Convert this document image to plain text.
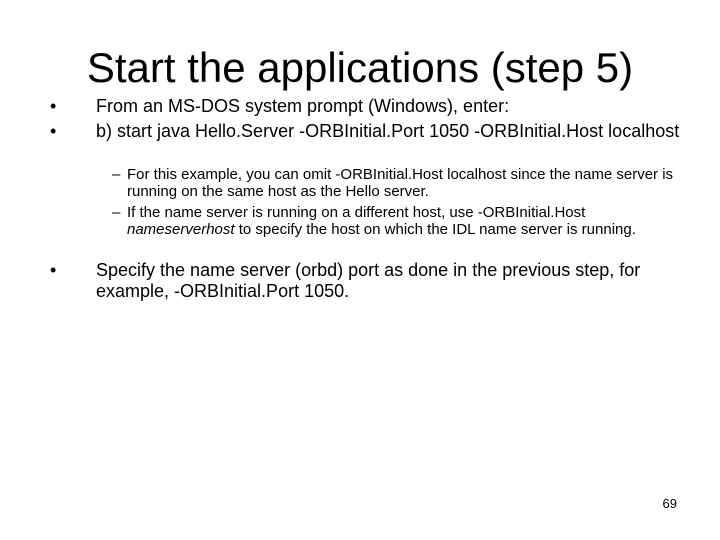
Start the applications (step 5)
• From an MS-DOS system prompt (Windows), enter:
• b) start java Hello.Server -ORBInitial.Port 1050 -ORBInitial.Host localhost
– For this example, you can omit -ORBInitial.Host localhost since the name server is running on the same host as the Hello server.
– If the name server is running on a different host, use -ORBInitial.Host nameserverhost to specify the host on which the IDL name server is running.
• Specify the name server (orbd) port as done in the previous step, for example, -ORBInitial.Port 1050.
69
